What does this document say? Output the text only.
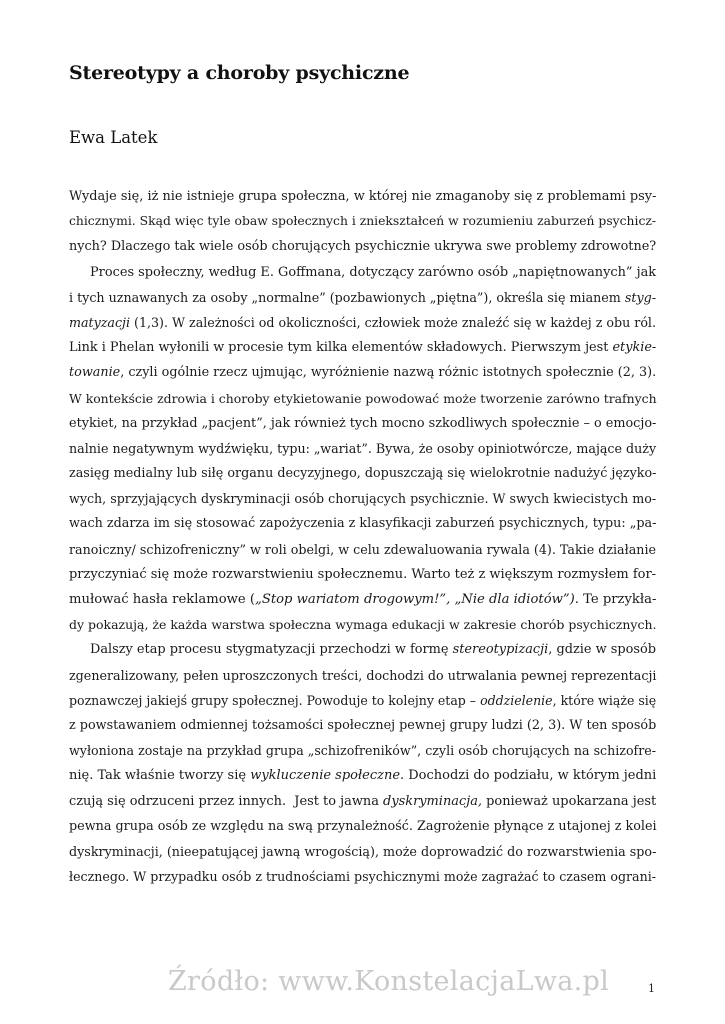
Stereotypy a choroby psychiczne
Ewa Latek
Wydaje się, iż nie istnieje grupa społeczna, w której nie zmaganoby się z problemami psy-
chicznymi. Skąd więc tyle obaw społecznych i zniekształceń w rozumieniu zaburzeń psychicz-
nych? Dlaczego tak wiele osób chorujących psychicznie ukrywa swe problemy zdrowotne?
Proces społeczny, według E. Goffmana, dotyczący zarówno osób „napiętnowanych” jak
i tych uznawanych za osoby „normalne” (pozbawionych „piętna”), określa się mianem styg-
matyzacji (1,3). W zależności od okoliczności, człowiek może znaleźć się w każdej z obu ról.
Link i Phelan wyłonili w procesie tym kilka elementów składowych. Pierwszym jest etykie-
towanie, czyli ogólnie rzecz ujmując, wyróżnienie nazwą różnic istotnych społecznie (2, 3).
W kontekście zdrowia i choroby etykietowanie powodować może tworzenie zarówno trafnych
etykiet, na przykład „pacjent”, jak również tych mocno szkodliwych społecznie – o emocjo-
nalnie negatywnym wydźwięku, typu: „wariat”. Bywa, że osoby opiniotwórcze, mające duży
zasięg medialny lub siłę organu decyzyjnego, dopuszczają się wielokrotnie nadużyć języko-
wych, sprzyjających dyskryminacji osób chorujących psychicznie. W swych kwiecistych mo-
wach zdarza im się stosować zapożyczenia z klasyfikacji zaburzeń psychicznych, typu: „pa-
ranoiczny/ schizofreniczny” w roli obelgi, w celu zdewaluowania rywala (4). Takie działanie
przyczyniać się może rozwarstwieniu społecznemu. Warto też z większym rozmysłem for-
mułować hasła reklamowe („Stop wariatom drogowym!”, „Nie dla idiotów”). Te przykła-
dy pokazują, że każda warstwa społeczna wymaga edukacji w zakresie chorób psychicznych.
Dalszy etap procesu stygmatyzacji przechodzi w formę stereotypizacji, gdzie w sposób
zgeneralizowany, pełen uproszczonych treści, dochodzi do utrwalania pewnej reprezentacji
poznawczej jakiejś grupy społecznej. Powoduje to kolejny etap – oddzielenie, które wiąże się
z powstawaniem odmiennej tożsamości społecznej pewnej grupy ludzi (2, 3). W ten sposób
wyłoniona zostaje na przykład grupa „schizofreników”, czyli osób chorujących na schizofre-
nię. Tak właśnie tworzy się wykluczenie społeczne. Dochodzi do podziału, w którym jedni
czują się odrzuceni przez innych.  Jest to jawna dyskryminacja, ponieważ upokarzana jest
pewna grupa osób ze względu na swą przynależność. Zagrożenie płynące z utajonej z kolei
dyskryminacji, (nieepatującej jawną wrogością), może doprowadzić do rozwarstwienia spo-
łecznego. W przypadku osób z trudnościami psychicznymi może zagrażać to czasem ograni-
Źródło: www.KonstelacjaLwa.pl	1
